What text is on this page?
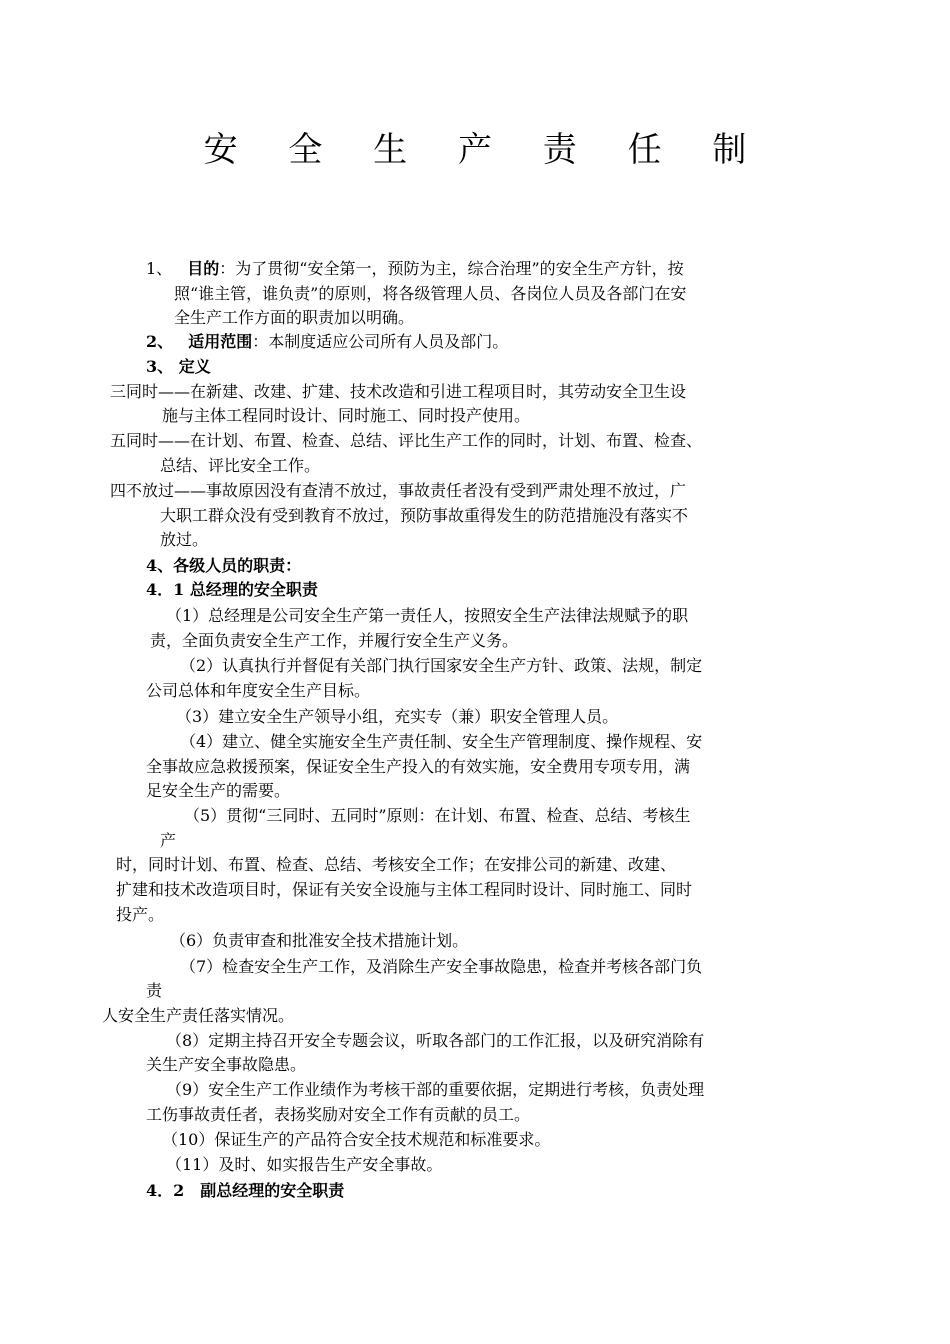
安 全 生 产 责 任 制
1、 目的：为了贯彻“安全第一，预防为主，综合治理”的安全生产方针，按
照“谁主管，谁负责”的原则，将各级管理人员、各岗位人员及各部门在安
全生产工作方面的职责加以明确。
2、 适用范围：本制度适应公司所有人员及部门。
3、 定义
三同时——在新建、改建、扩建、技术改造和引进工程项目时，其劳动安全卫生设
施与主体工程同时设计、同时施工、同时投产使用。
五同时——在计划、布置、检查、总结、评比生产工作的同时，计划、布置、检查、
总结、评比安全工作。
四不放过——事故原因没有查清不放过，事故责任者没有受到严肃处理不放过，广
大职工群众没有受到教育不放过，预防事故重得发生的防范措施没有落实不
放过。
4、各级人员的职责：
4．1 总经理的安全职责
（1）总经理是公司安全生产第一责任人，按照安全生产法律法规赋予的职
责，全面负责安全生产工作，并履行安全生产义务。
（2）认真执行并督促有关部门执行国家安全生产方针、政策、法规，制定
公司总体和年度安全生产目标。
（3）建立安全生产领导小组，充实专（兼）职安全管理人员。
（4）建立、健全实施安全生产责任制、安全生产管理制度、操作规程、安
全事故应急救援预案，保证安全生产投入的有效实施，安全费用专项专用，满
足安全生产的需要。
（5）贯彻“三同时、五同时”原则：在计划、布置、检查、总结、考核生
产
时，同时计划、布置、检查、总结、考核安全工作；在安排公司的新建、改建、
扩建和技术改造项目时，保证有关安全设施与主体工程同时设计、同时施工、同时
投产。
（6）负责审查和批准安全技术措施计划。
（7）检查安全生产工作，及消除生产安全事故隐患，检查并考核各部门负
责
人安全生产责任落实情况。
（8）定期主持召开安全专题会议，听取各部门的工作汇报，以及研究消除有
关生产安全事故隐患。
（9）安全生产工作业绩作为考核干部的重要依据，定期进行考核，负责处理
工伤事故责任者，表扬奖励对安全工作有贡献的员工。
（10）保证生产的产品符合安全技术规范和标准要求。
（11）及时、如实报告生产安全事故。
4．2　副总经理的安全职责
